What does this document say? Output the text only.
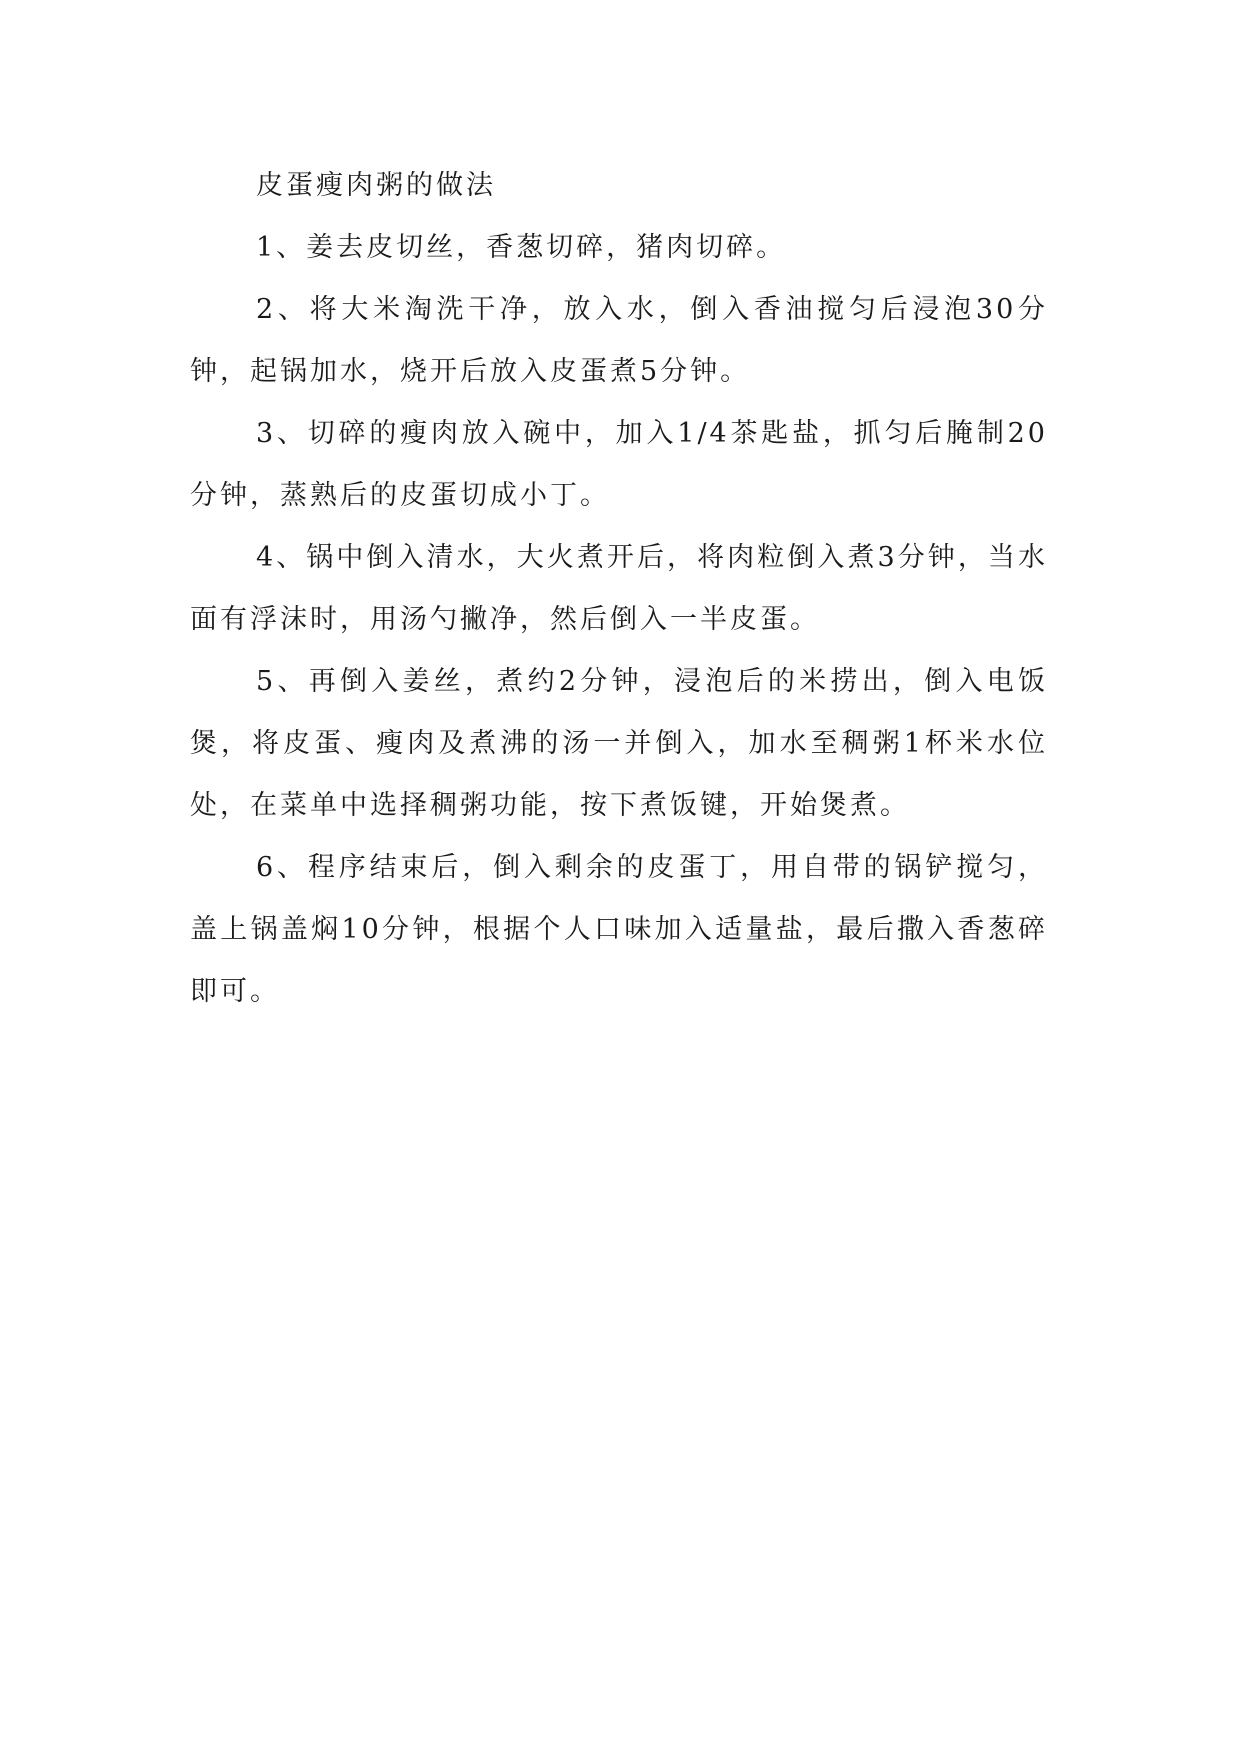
皮蛋瘦肉粥的做法

1、姜去皮切丝，香葱切碎，猪肉切碎。

2、将大米淘洗干净，放入水，倒入香油搅匀后浸泡30分钟，起锅加水，烧开后放入皮蛋煮5分钟。

3、切碎的瘦肉放入碗中，加入1/4茶匙盐，抓匀后腌制20分钟，蒸熟后的皮蛋切成小丁。

4、锅中倒入清水，大火煮开后，将肉粒倒入煮3分钟，当水面有浮沫时，用汤勺撇净，然后倒入一半皮蛋。

5、再倒入姜丝，煮约2分钟，浸泡后的米捞出，倒入电饭煲，将皮蛋、瘦肉及煮沸的汤一并倒入，加水至稠粥1杯米水位处，在菜单中选择稠粥功能，按下煮饭键，开始煲煮。

6、程序结束后，倒入剩余的皮蛋丁，用自带的锅铲搅匀，盖上锅盖焖10分钟，根据个人口味加入适量盐，最后撒入香葱碎即可。
